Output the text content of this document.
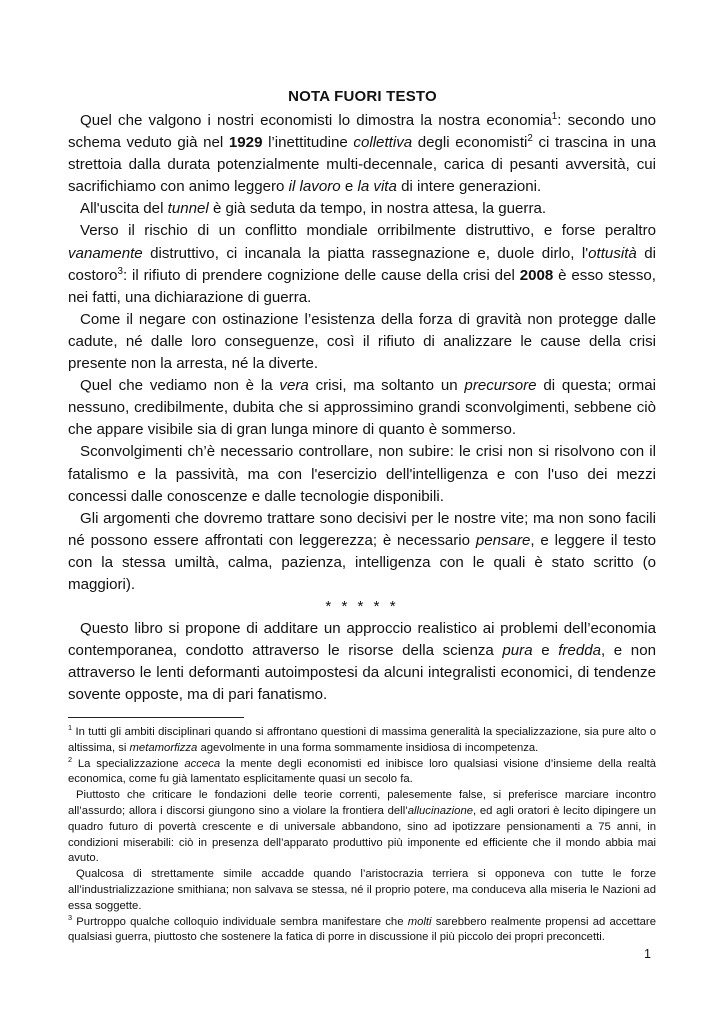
NOTA FUORI TESTO

Quel che valgono i nostri economisti lo dimostra la nostra economia$^1$: secondo uno schema veduto già nel 1929 l’inettitudine collettiva degli economisti$^2$ ci trascina in una strettoia dalla durata potenzialmente multi-decennale, carica di pesanti avversità, cui sacrifichiamo con animo leggero il lavoro e la vita di intere generazioni.

All'uscita del tunnel è già seduta da tempo, in nostra attesa, la guerra.

Verso il rischio di un conflitto mondiale orribilmente distruttivo, e forse peraltro vanamente distruttivo, ci incanala la piatta rassegnazione e, duole dirlo, l'ottusità di costoro$^3$: il rifiuto di prendere cognizione delle cause della crisi del 2008 è esso stesso, nei fatti, una dichiarazione di guerra.

Come il negare con ostinazione l’esistenza della forza di gravità non protegge dalle cadute, né dalle loro conseguenze, così il rifiuto di analizzare le cause della crisi presente non la arresta, né la diverte.

Quel che vediamo non è la vera crisi, ma soltanto un precursore di questa; ormai nessuno, credibilmente, dubita che si approssimino grandi sconvolgimenti, sebbene ciò che appare visibile sia di gran lunga minore di quanto è sommerso.

Sconvolgimenti ch’è necessario controllare, non subire: le crisi non si risolvono con il fatalismo e la passività, ma con l'esercizio dell'intelligenza e con l'uso dei mezzi concessi dalle conoscenze e dalle tecnologie disponibili.

Gli argomenti che dovremo trattare sono decisivi per le nostre vite; ma non sono facili né possono essere affrontati con leggerezza; è necessario pensare, e leggere il testo con la stessa umiltà, calma, pazienza, intelligenza con le quali è stato scritto (o maggiori).

* * * * *

Questo libro si propone di additare un approccio realistico ai problemi dell’economia contemporanea, condotto attraverso le risorse della scienza pura e fredda, e non attraverso le lenti deformanti autoimpostesi da alcuni integralisti economici, di tendenze sovente opposte, ma di pari fanatismo.

$^1$ In tutti gli ambiti disciplinari quando si affrontano questioni di massima generalità la specializzazione, sia pure alto o altissima, si metamorfizza agevolmente in una forma sommamente insidiosa di incompetenza.

$^2$ La specializzazione acceca la mente degli economisti ed inibisce loro qualsiasi visione d’insieme della realtà economica, come fu già lamentato esplicitamente quasi un secolo fa.

Piuttosto che criticare le fondazioni delle teorie correnti, palesemente false, si preferisce marciare incontro all’assurdo; allora i discorsi giungono sino a violare la frontiera dell’allucinazione, ed agli oratori è lecito dipingere un quadro futuro di povertà crescente e di universale abbandono, sino ad ipotizzare pensionamenti a 75 anni, in condizioni miserabili: ciò in presenza dell’apparato produttivo più imponente ed efficiente che il mondo abbia mai avuto.

Qualcosa di strettamente simile accadde quando l’aristocrazia terriera si opponeva con tutte le forze all’industrializzazione smithiana; non salvava se stessa, né il proprio potere, ma conduceva alla miseria le Nazioni ad essa soggette.

$^3$ Purtroppo qualche colloquio individuale sembra manifestare che molti sarebbero realmente propensi ad accettare qualsiasi guerra, piuttosto che sostenere la fatica di porre in discussione il più piccolo dei propri preconcetti.

1
